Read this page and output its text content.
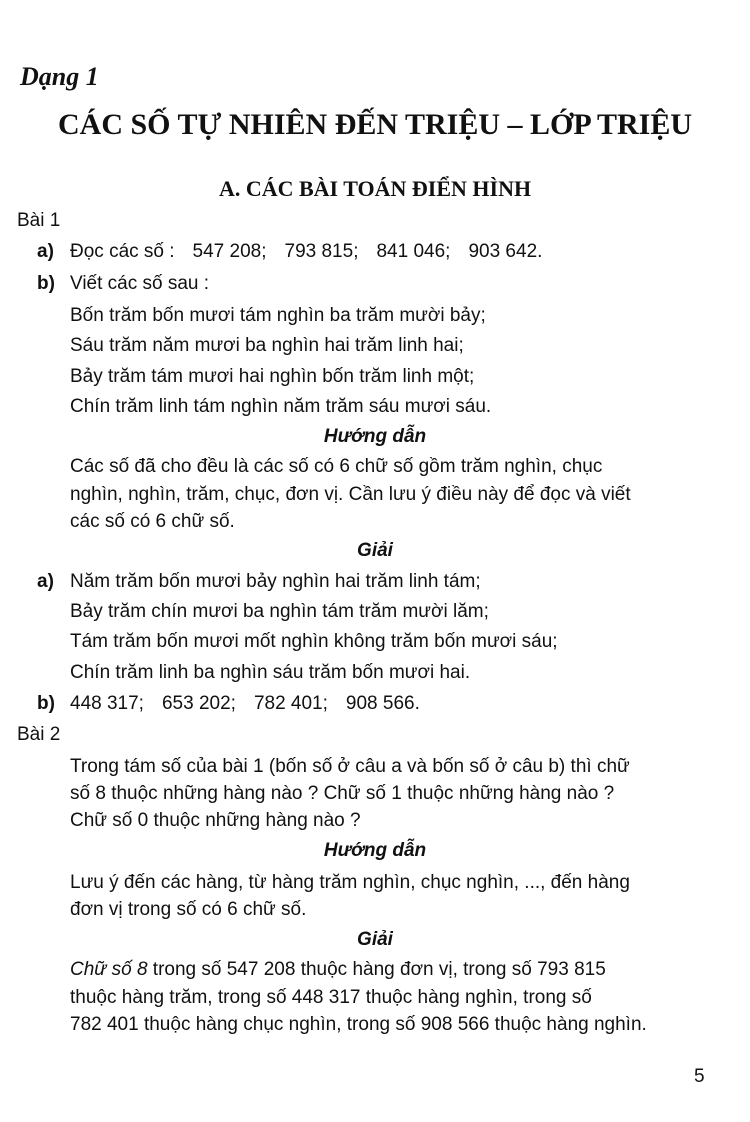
Dạng 1
CÁC SỐ TỰ NHIÊN ĐẾN TRIỆU – LỚP TRIỆU
A. CÁC BÀI TOÁN ĐIỂN HÌNH
Bài 1
a) Đọc các số : 547 208; 793 815; 841 046; 903 642.
b) Viết các số sau :
Bốn trăm bốn mươi tám nghìn ba trăm mười bảy;
Sáu trăm năm mươi ba nghìn hai trăm linh hai;
Bảy trăm tám mươi hai nghìn bốn trăm linh một;
Chín trăm linh tám nghìn năm trăm sáu mươi sáu.
Hướng dẫn
Các số đã cho đều là các số có 6 chữ số gồm trăm nghìn, chục
nghìn, nghìn, trăm, chục, đơn vị. Cần lưu ý điều này để đọc và viết
các số có 6 chữ số.
Giải
a) Năm trăm bốn mươi bảy nghìn hai trăm linh tám;
Bảy trăm chín mươi ba nghìn tám trăm mười lăm;
Tám trăm bốn mươi mốt nghìn không trăm bốn mươi sáu;
Chín trăm linh ba nghìn sáu trăm bốn mươi hai.
b) 448 317; 653 202; 782 401; 908 566.
Bài 2
Trong tám số của bài 1 (bốn số ở câu a và bốn số ở câu b) thì chữ
số 8 thuộc những hàng nào ? Chữ số 1 thuộc những hàng nào ?
Chữ số 0 thuộc những hàng nào ?
Hướng dẫn
Lưu ý đến các hàng, từ hàng trăm nghìn, chục nghìn, ..., đến hàng
đơn vị trong số có 6 chữ số.
Giải
Chữ số 8 trong số 547 208 thuộc hàng đơn vị, trong số 793 815
thuộc hàng trăm, trong số 448 317 thuộc hàng nghìn, trong số
782 401 thuộc hàng chục nghìn, trong số 908 566 thuộc hàng nghìn.
5
